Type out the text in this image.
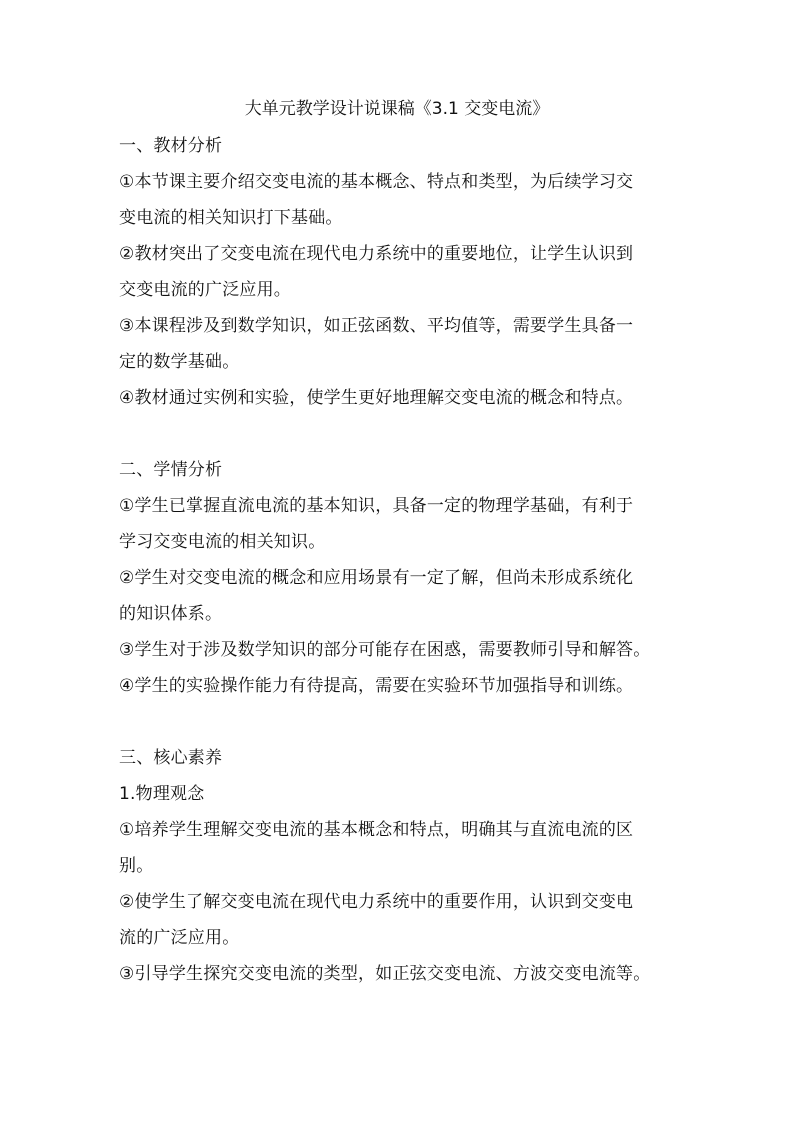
大单元教学设计说课稿《3.1 交变电流》

一、教材分析

①本节课主要介绍交变电流的基本概念、特点和类型，为后续学习交

变电流的相关知识打下基础。

②教材突出了交变电流在现代电力系统中的重要地位，让学生认识到

交变电流的广泛应用。

③本课程涉及到数学知识，如正弦函数、平均值等，需要学生具备一

定的数学基础。

④教材通过实例和实验，使学生更好地理解交变电流的概念和特点。

二、学情分析

①学生已掌握直流电流的基本知识，具备一定的物理学基础，有利于

学习交变电流的相关知识。

②学生对交变电流的概念和应用场景有一定了解，但尚未形成系统化

的知识体系。

③学生对于涉及数学知识的部分可能存在困惑，需要教师引导和解答。

④学生的实验操作能力有待提高，需要在实验环节加强指导和训练。

三、核心素养

1.物理观念

①培养学生理解交变电流的基本概念和特点，明确其与直流电流的区

别。

②使学生了解交变电流在现代电力系统中的重要作用，认识到交变电

流的广泛应用。

③引导学生探究交变电流的类型，如正弦交变电流、方波交变电流等。
